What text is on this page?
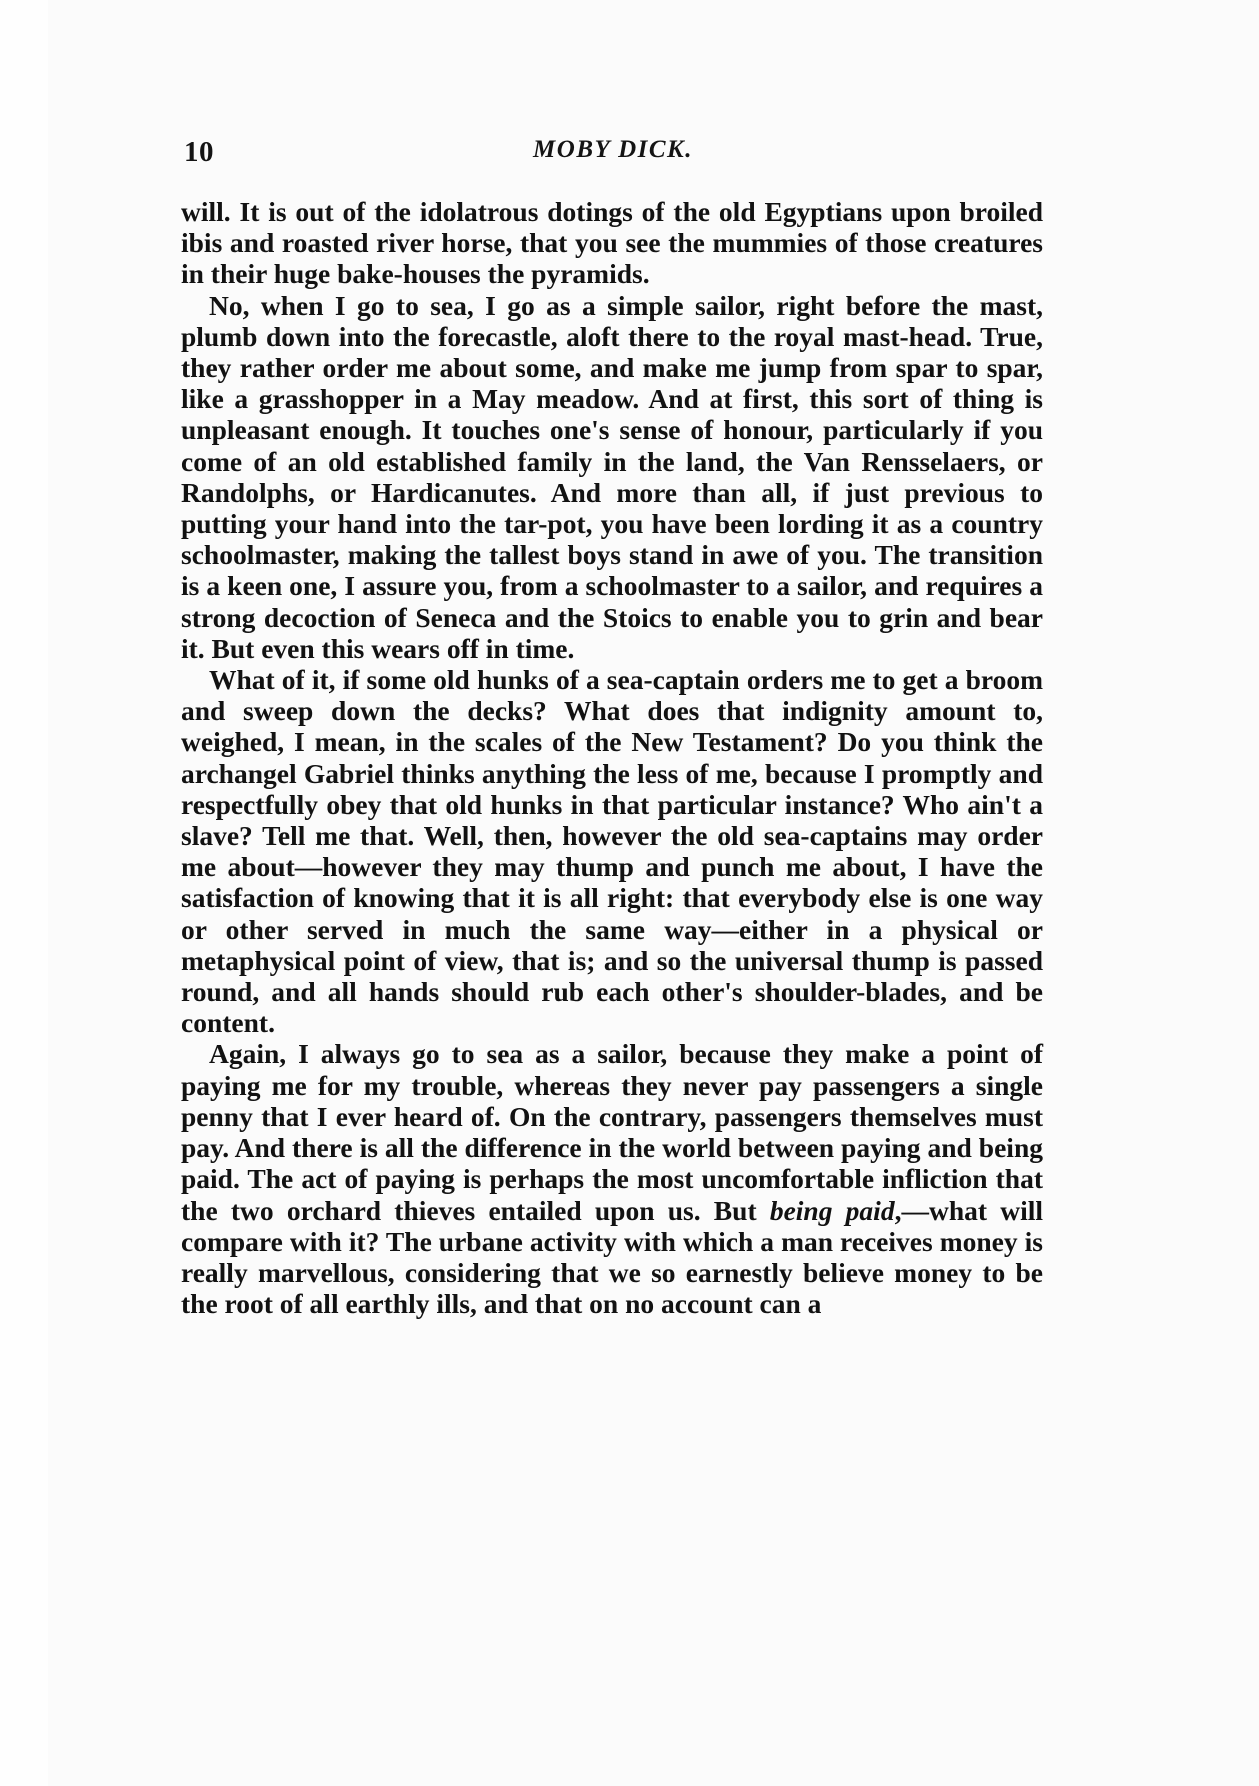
10	MOBY DICK.

will. It is out of the idolatrous dotings of the old Egyptians upon broiled ibis and roasted river horse, that you see the mummies of those creatures in their huge bake-houses the pyramids.

No, when I go to sea, I go as a simple sailor, right before the mast, plumb down into the forecastle, aloft there to the royal mast-head. True, they rather order me about some, and make me jump from spar to spar, like a grasshopper in a May meadow. And at first, this sort of thing is unpleasant enough. It touches one's sense of honour, particularly if you come of an old established family in the land, the Van Rensselaers, or Randolphs, or Hardicanutes. And more than all, if just previous to putting your hand into the tar-pot, you have been lording it as a country schoolmaster, making the tallest boys stand in awe of you. The transition is a keen one, I assure you, from a schoolmaster to a sailor, and requires a strong decoction of Seneca and the Stoics to enable you to grin and bear it. But even this wears off in time.

What of it, if some old hunks of a sea-captain orders me to get a broom and sweep down the decks? What does that indignity amount to, weighed, I mean, in the scales of the New Testament? Do you think the archangel Gabriel thinks anything the less of me, because I promptly and respectfully obey that old hunks in that particular instance? Who ain't a slave? Tell me that. Well, then, however the old sea-captains may order me about—however they may thump and punch me about, I have the satisfaction of knowing that it is all right: that everybody else is one way or other served in much the same way—either in a physical or metaphysical point of view, that is; and so the universal thump is passed round, and all hands should rub each other's shoulder-blades, and be content.

Again, I always go to sea as a sailor, because they make a point of paying me for my trouble, whereas they never pay passengers a single penny that I ever heard of. On the contrary, passengers themselves must pay. And there is all the difference in the world between paying and being paid. The act of paying is perhaps the most uncomfortable infliction that the two orchard thieves entailed upon us. But being paid,—what will compare with it? The urbane activity with which a man receives money is really marvellous, considering that we so earnestly believe money to be the root of all earthly ills, and that on no account can a
